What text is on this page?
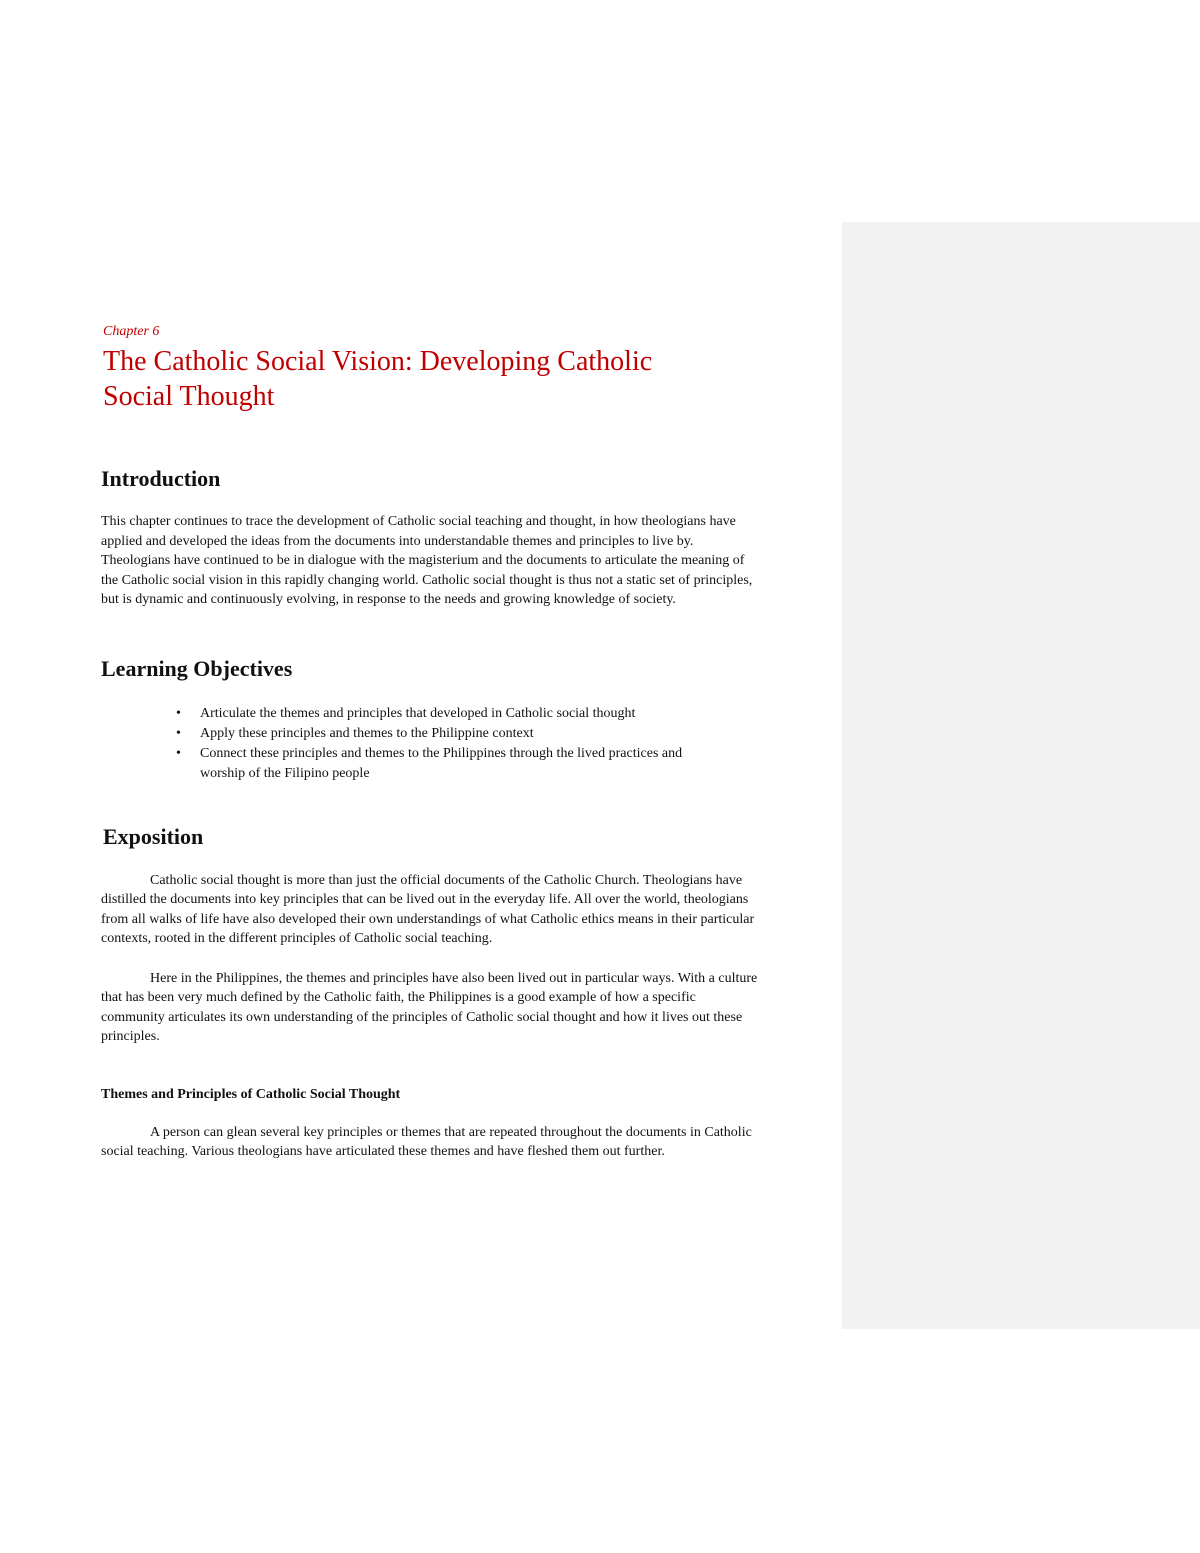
Chapter 6

The Catholic Social Vision: Developing Catholic Social Thought
Introduction

This chapter continues to trace the development of Catholic social teaching and thought, in how theologians have applied and developed the ideas from the documents into understandable themes and principles to live by. Theologians have continued to be in dialogue with the magisterium and the documents to articulate the meaning of the Catholic social vision in this rapidly changing world. Catholic social thought is thus not a static set of principles, but is dynamic and continuously evolving, in response to the needs and growing knowledge of society.

Learning Objectives
• Articulate the themes and principles that developed in Catholic social thought
• Apply these principles and themes to the Philippine context
• Connect these principles and themes to the Philippines through the lived practices and worship of the Filipino people
Exposition

Catholic social thought is more than just the official documents of the Catholic Church. Theologians have distilled the documents into key principles that can be lived out in the everyday life. All over the world, theologians from all walks of life have also developed their own understandings of what Catholic ethics means in their particular contexts, rooted in the different principles of Catholic social teaching.

Here in the Philippines, the themes and principles have also been lived out in particular ways. With a culture that has been very much defined by the Catholic faith, the Philippines is a good example of how a specific community articulates its own understanding of the principles of Catholic social thought and how it lives out these principles.

Themes and Principles of Catholic Social Thought

A person can glean several key principles or themes that are repeated throughout the documents in Catholic social teaching. Various theologians have articulated these themes and have fleshed them out further.
